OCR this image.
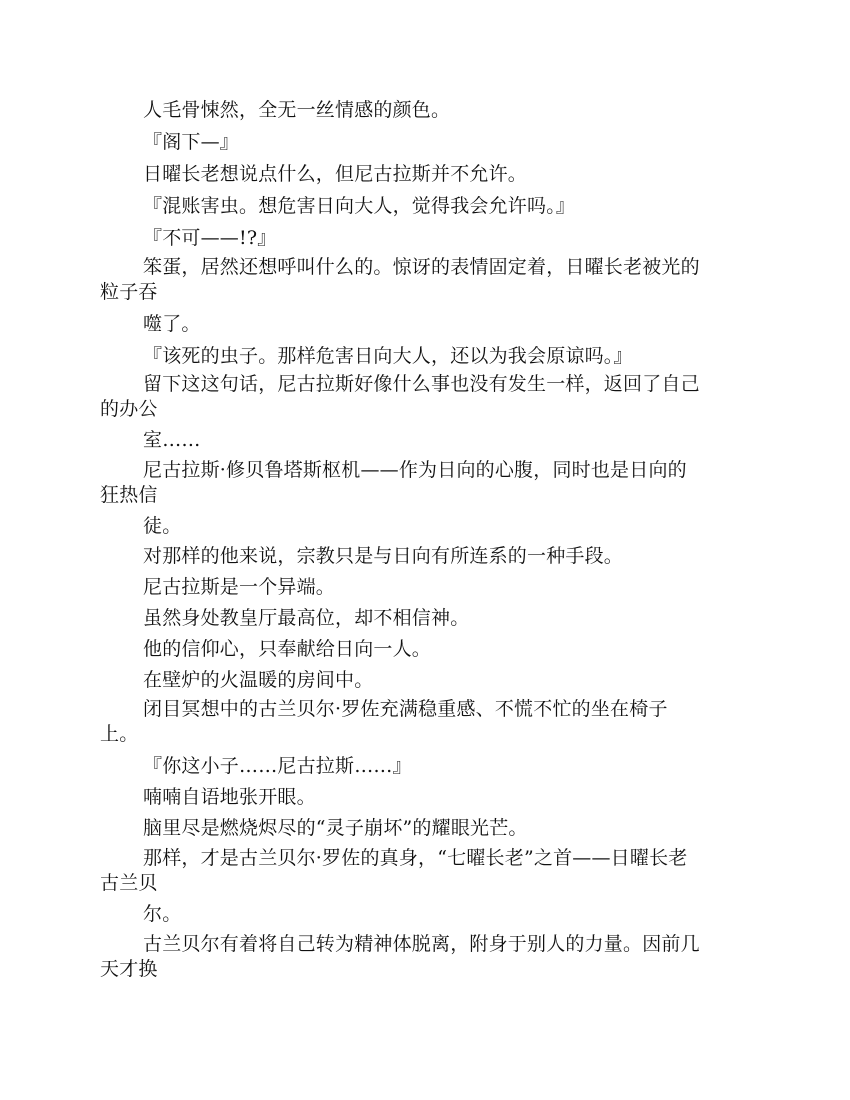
人毛骨悚然，全无一丝情感的颜色。
『阁下—』
日曜长老想说点什么，但尼古拉斯并不允许。
『混账害虫。想危害日向大人，觉得我会允许吗。』
『不可——!?』
笨蛋，居然还想呼叫什么的。惊讶的表情固定着，日曜长老被光的
粒子吞
噬了。
『该死的虫子。那样危害日向大人，还以为我会原谅吗。』
留下这这句话，尼古拉斯好像什么事也没有发生一样，返回了自己
的办公
室……
尼古拉斯·修贝鲁塔斯枢机——作为日向的心腹，同时也是日向的
狂热信
徒。
对那样的他来说，宗教只是与日向有所连系的一种手段。
尼古拉斯是一个异端。
虽然身处教皇厅最高位，却不相信神。
他的信仰心，只奉献给日向一人。
在壁炉的火温暖的房间中。
闭目冥想中的古兰贝尔·罗佐充满稳重感、不慌不忙的坐在椅子
上。
『你这小子……尼古拉斯……』
喃喃自语地张开眼。
脑里尽是燃烧烬尽的“灵子崩坏”的耀眼光芒。
那样，才是古兰贝尔·罗佐的真身，“七曜长老”之首——日曜长老
古兰贝
尔。
古兰贝尔有着将自己转为精神体脱离，附身于别人的力量。因前几
天才换
